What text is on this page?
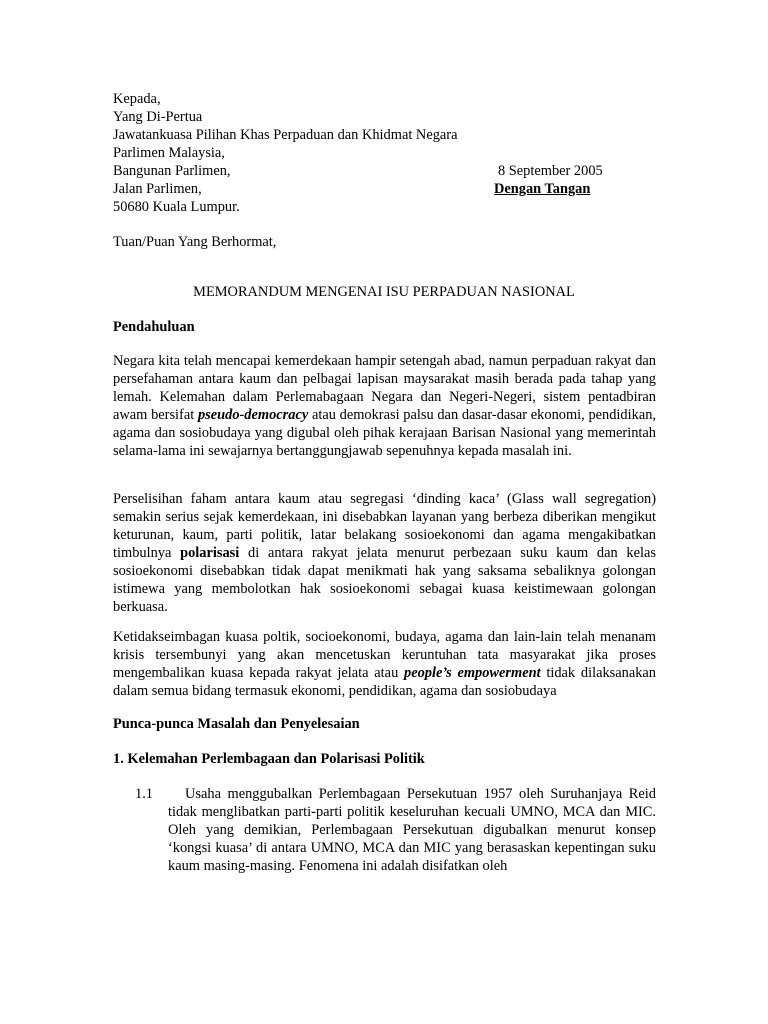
Kepada,
Yang Di-Pertua
Jawatankuasa Pilihan Khas Perpaduan dan Khidmat Negara
Parlimen Malaysia,
Bangunan Parlimen,
Jalan Parlimen,
50680 Kuala Lumpur.
8 September 2005
Dengan Tangan
Tuan/Puan Yang Berhormat,
MEMORANDUM MENGENAI ISU PERPADUAN NASIONAL
Pendahuluan

Negara kita telah mencapai kemerdekaan hampir setengah abad, namun perpaduan rakyat dan persefahaman antara kaum dan pelbagai lapisan maysarakat masih berada pada tahap yang lemah. Kelemahan dalam Perlemabagaan Negara dan Negeri-Negeri, sistem pentadbiran awam bersifat pseudo-democracy atau demokrasi palsu dan dasar-dasar ekonomi, pendidikan, agama dan sosiobudaya yang digubal oleh pihak kerajaan Barisan Nasional yang memerintah selama-lama ini sewajarnya bertanggungjawab sepenuhnya kepada masalah ini.

Perselisihan faham antara kaum atau segregasi ‘dinding kaca’ (Glass wall segregation) semakin serius sejak kemerdekaan, ini disebabkan layanan yang berbeza diberikan mengikut keturunan, kaum, parti politik, latar belakang sosioekonomi dan agama mengakibatkan timbulnya polarisasi di antara rakyat jelata menurut perbezaan suku kaum dan kelas sosioekonomi disebabkan tidak dapat menikmati hak yang saksama sebaliknya golongan istimewa yang membolotkan hak sosioekonomi sebagai kuasa keistimewaan golongan berkuasa.

Ketidakseimbagan kuasa poltik, socioekonomi, budaya, agama dan lain-lain telah menanam krisis tersembunyi yang akan mencetuskan keruntuhan tata masyarakat jika proses mengembalikan kuasa kepada rakyat jelata atau people’s empowerment tidak dilaksanakan dalam semua bidang termasuk ekonomi, pendidikan, agama dan sosiobudaya

Punca-punca Masalah dan Penyelesaian
1. Kelemahan Perlembagaan dan Polarisasi Politik
1.1	Usaha menggubalkan Perlembagaan Persekutuan 1957 oleh Suruhanjaya Reid tidak menglibatkan parti-parti politik keseluruhan kecuali UMNO, MCA dan MIC. Oleh yang demikian, Perlembagaan Persekutuan digubalkan menurut konsep ‘kongsi kuasa’ di antara UMNO, MCA dan MIC yang berasaskan kepentingan suku kaum masing-masing. Fenomena ini adalah disifatkan oleh
